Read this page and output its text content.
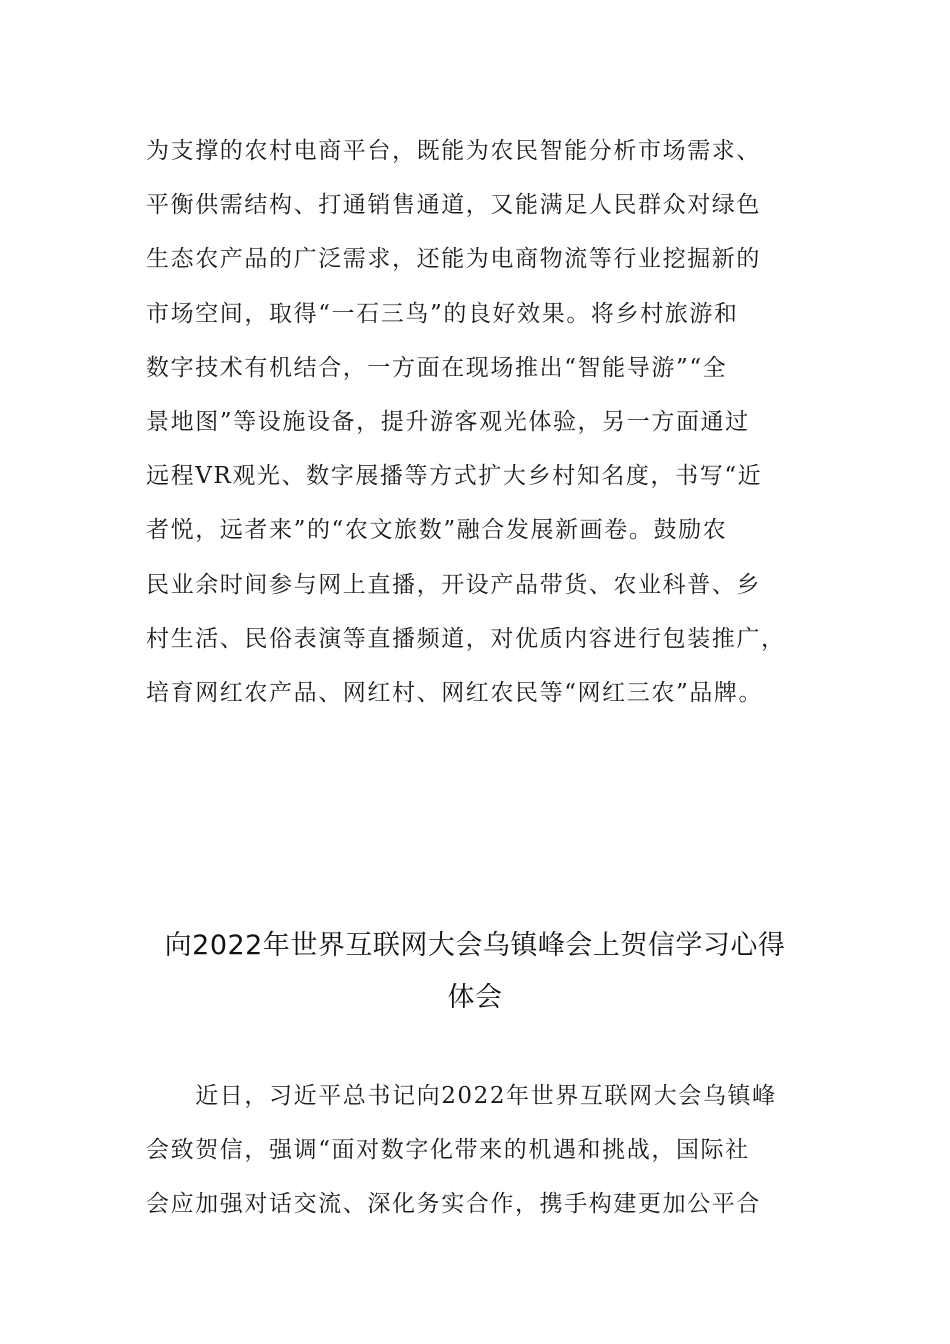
为支撑的农村电商平台，既能为农民智能分析市场需求、
平衡供需结构、打通销售通道，又能满足人民群众对绿色
生态农产品的广泛需求，还能为电商物流等行业挖掘新的
市场空间，取得“一石三鸟”的良好效果。将乡村旅游和
数字技术有机结合，一方面在现场推出“智能导游”“全
景地图”等设施设备，提升游客观光体验，另一方面通过
远程VR观光、数字展播等方式扩大乡村知名度，书写“近
者悦，远者来”的“农文旅数”融合发展新画卷。鼓励农
民业余时间参与网上直播，开设产品带货、农业科普、乡
村生活、民俗表演等直播频道，对优质内容进行包装推广，
培育网红农产品、网红村、网红农民等“网红三农”品牌。
向2022年世界互联网大会乌镇峰会上贺信学习心得
体会
　　近日，习近平总书记向2022年世界互联网大会乌镇峰
会致贺信，强调“面对数字化带来的机遇和挑战，国际社
会应加强对话交流、深化务实合作，携手构建更加公平合
